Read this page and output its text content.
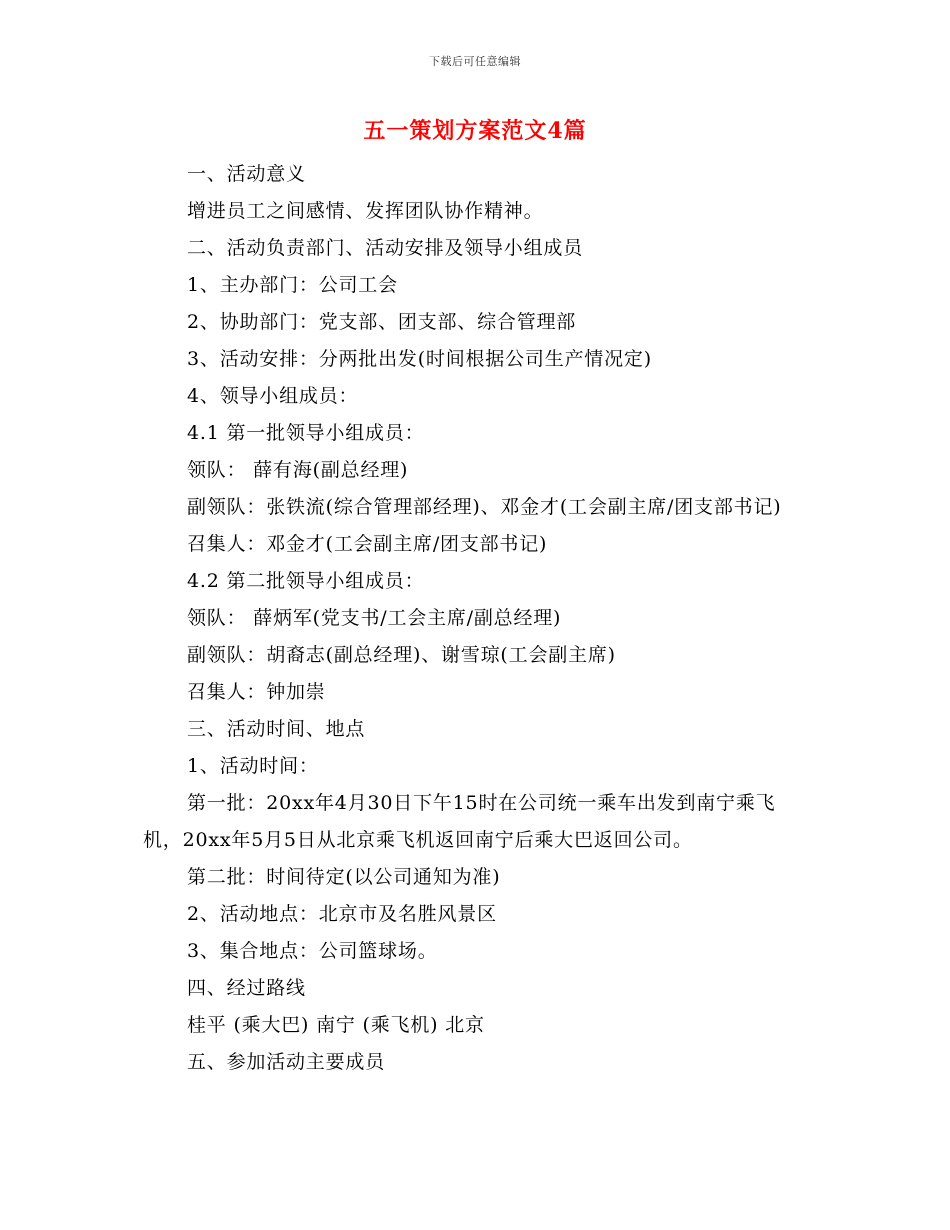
下载后可任意编辑
五一策划方案范文4篇

一、活动意义

增进员工之间感情、发挥团队协作精神。

二、活动负责部门、活动安排及领导小组成员

1、主办部门：公司工会

2、协助部门：党支部、团支部、综合管理部

3、活动安排：分两批出发(时间根据公司生产情况定)

4、领导小组成员：

4.1 第一批领导小组成员：

领队： 薛有海(副总经理)

副领队：张铁流(综合管理部经理)、邓金才(工会副主席/团支部书记)

召集人：邓金才(工会副主席/团支部书记)

4.2 第二批领导小组成员：

领队： 薛炳军(党支书/工会主席/副总经理)

副领队：胡裔志(副总经理)、谢雪琼(工会副主席)

召集人：钟加崇

三、活动时间、地点

1、活动时间：

第一批：20xx年4月30日下午15时在公司统一乘车出发到南宁乘飞机，20xx年5月5日从北京乘飞机返回南宁后乘大巴返回公司。

第二批：时间待定(以公司通知为准)

2、活动地点：北京市及名胜风景区

3、集合地点：公司篮球场。

四、经过路线

桂平 (乘大巴) 南宁 (乘飞机) 北京

五、参加活动主要成员
